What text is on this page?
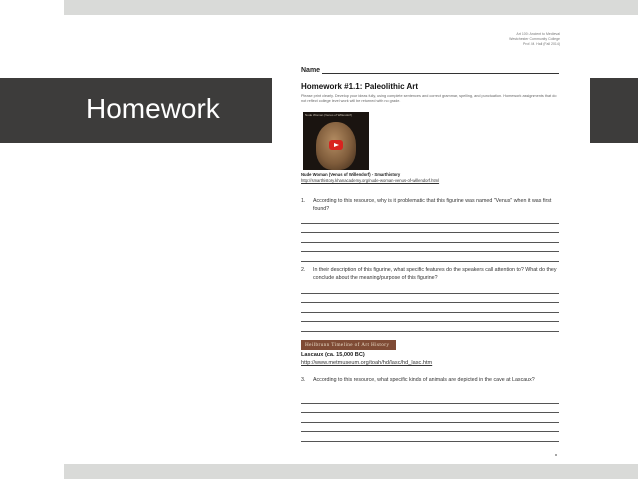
Homework
Art 100: Ancient to Medieval
Westchester Community College
Prof. M. Hall (Fall 2014)
Name
Homework #1.1: Paleolithic Art
Please print clearly. Develop your ideas fully, using complete sentences and correct grammar, spelling, and punctuation. Homework assignments that do not reflect college level work will be returned with no grade.
Nude Woman (Venus of Willendorf)
Nude Woman (Venus of Willendorf) - Smarthistory
http://smarthistory.khanacademy.org/nude-woman-venus-of-willendorf.html
1.	According to this resource, why is it problematic that this figurine was named "Venus" when it was first found?
2.	In their description of this figurine, what specific features do the speakers call attention to? What do they conclude about the meaning/purpose of this figurine?
Heilbrunn Timeline of Art History
Lascaux (ca. 15,000 BC)
http://www.metmuseum.org/toah/hd/lasc/hd_lasc.htm
3.	According to this resource, what specific kinds of animals are depicted in the cave at Lascaux?
